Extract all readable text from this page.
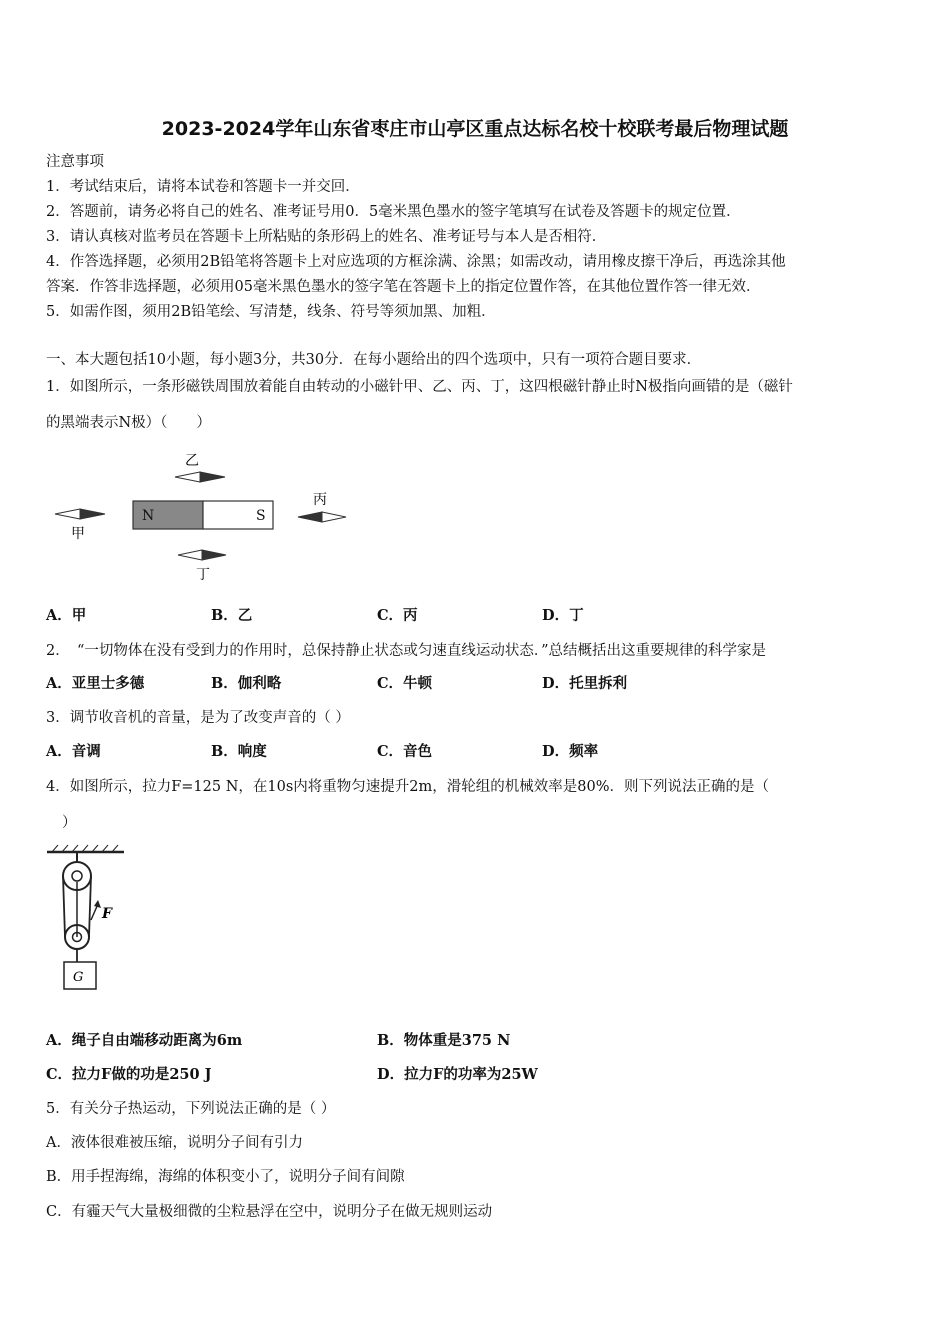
2023-2024学年山东省枣庄市山亭区重点达标名校十校联考最后物理试题
注意事项
1．考试结束后，请将本试卷和答题卡一并交回．
2．答题前，请务必将自己的姓名、准考证号用0．5毫米黑色墨水的签字笔填写在试卷及答题卡的规定位置．
3．请认真核对监考员在答题卡上所粘贴的条形码上的姓名、准考证号与本人是否相符．
4．作答选择题，必须用2B铅笔将答题卡上对应选项的方框涂满、涂黑；如需改动，请用橡皮擦干净后，再选涂其他
答案．作答非选择题，必须用05毫米黑色墨水的签字笔在答题卡上的指定位置作答，在其他位置作答一律无效．
5．如需作图，须用2B铅笔绘、写清楚，线条、符号等须加黑、加粗．
一、本大题包括10小题，每小题3分，共30分．在每小题给出的四个选项中，只有一项符合题目要求．
1．如图所示，一条形磁铁周围放着能自由转动的小磁针甲、乙、丙、丁，这四根磁针静止时N极指向画错的是（磁针
的黑端表示N极）（　　）
N	S
乙
甲
丙
丁
A．甲	B．乙	C．丙	D．丁
2．　“一切物体在没有受到力的作用时，总保持静止状态或匀速直线运动状态．”总结概括出这重要规律的科学家是
A．亚里士多德	B．伽利略	C．牛顿	D．托里拆利
3．调节收音机的音量，是为了改变声音的（ ）
A．音调	B．响度	C．音色	D．频率
4．如图所示，拉力F=125 N，在10s内将重物匀速提升2m，滑轮组的机械效率是80%．则下列说法正确的是（
）
F
G
A．绳子自由端移动距离为6m	B．物体重是375 N
C．拉力F做的功是250 J	D．拉力F的功率为25W
5．有关分子热运动，下列说法正确的是（ ）
A．液体很难被压缩，说明分子间有引力
B．用手捏海绵，海绵的体积变小了，说明分子间有间隙
C．有霾天气大量极细微的尘粒悬浮在空中，说明分子在做无规则运动
